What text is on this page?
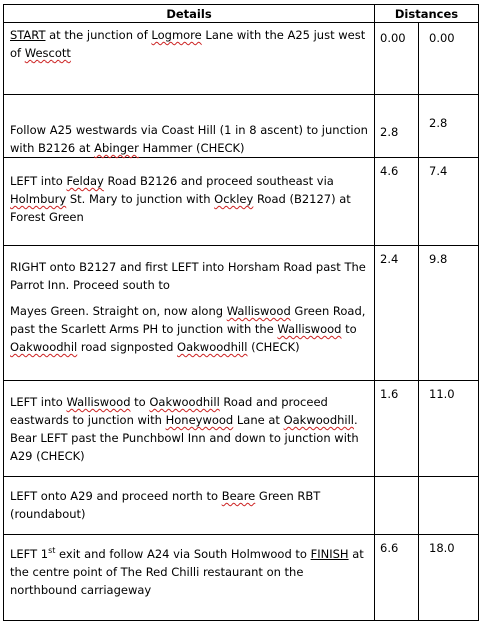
Details	Distances	

START at the junction of Logmore Lane with the A25 just west of Wescott	0.00	0.00

Follow A25 westwards via Coast Hill (1 in 8 ascent) to junction with B2126 at Abinger Hammer (CHECK)	2.8	2.8

LEFT into Felday Road B2126 and proceed southeast via Holmbury St. Mary to junction with Ockley Road (B2127) at Forest Green	4.6	7.4

RIGHT onto B2127 and first LEFT into Horsham Road past The Parrot Inn. Proceed south to

Mayes Green. Straight on, now along Walliswood Green Road, past the Scarlett Arms PH to junction with the Walliswood to Oakwoodhil road signposted Oakwoodhill (CHECK)	2.4	9.8

LEFT into Walliswood to Oakwoodhill Road and proceed eastwards to junction with Honeywood Lane at Oakwoodhill. Bear LEFT past the Punchbowl Inn and down to junction with A29 (CHECK)	1.6	11.0

LEFT onto A29 and proceed north to Beare Green RBT (roundabout)		

LEFT 1st exit and follow A24 via South Holmwood to FINISH at the centre point of The Red Chilli restaurant on the northbound carriageway	6.6	18.0
